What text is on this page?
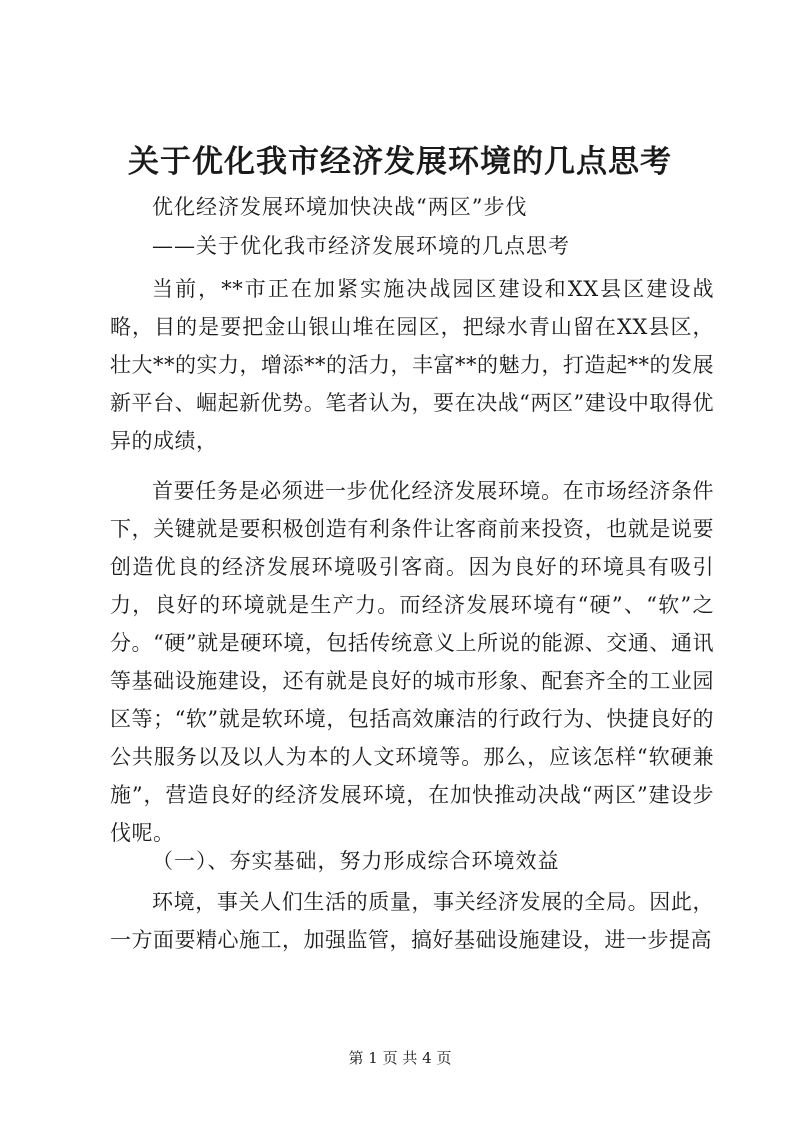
关于优化我市经济发展环境的几点思考

优化经济发展环境加快决战“两区”步伐

——关于优化我市经济发展环境的几点思考

当前，**市正在加紧实施决战园区建设和XX县区建设战略，目的是要把金山银山堆在园区，把绿水青山留在XX县区，壮大**的实力，增添**的活力，丰富**的魅力，打造起**的发展新平台、崛起新优势。笔者认为，要在决战“两区”建设中取得优异的成绩，

首要任务是必须进一步优化经济发展环境。在市场经济条件下，关键就是要积极创造有利条件让客商前来投资，也就是说要创造优良的经济发展环境吸引客商。因为良好的环境具有吸引力，良好的环境就是生产力。而经济发展环境有“硬”、“软”之分。“硬”就是硬环境，包括传统意义上所说的能源、交通、通讯等基础设施建设，还有就是良好的城市形象、配套齐全的工业园区等；“软”就是软环境，包括高效廉洁的行政行为、快捷良好的公共服务以及以人为本的人文环境等。那么，应该怎样“软硬兼施”，营造良好的经济发展环境，在加快推动决战“两区”建设步伐呢。

（一）、夯实基础，努力形成综合环境效益

环境，事关人们生活的质量，事关经济发展的全局。因此，一方面要精心施工，加强监管，搞好基础设施建设，进一步提高

第 1 页 共 4 页
